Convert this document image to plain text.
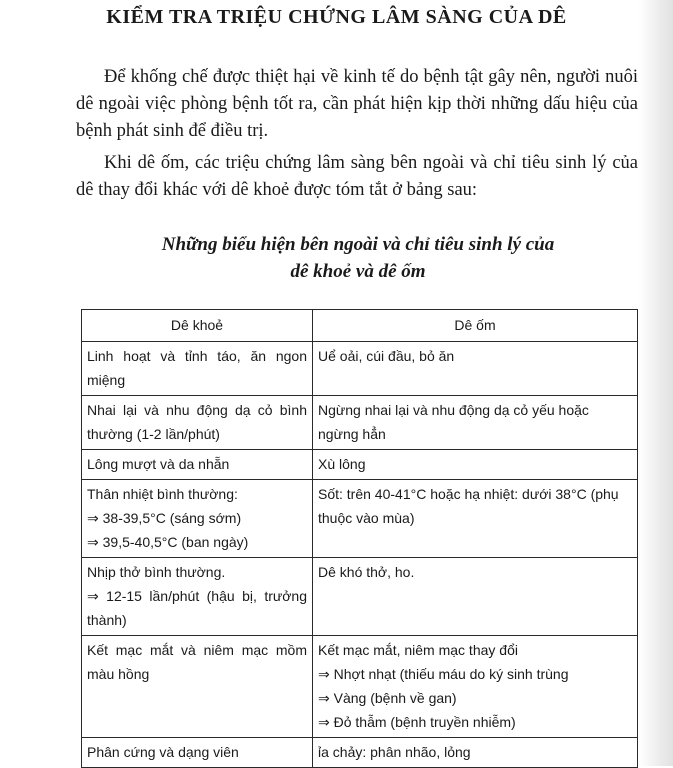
KIỂM TRA TRIỆU CHỨNG LÂM SÀNG CỦA DÊ

Để khống chế được thiệt hại về kinh tế do bệnh tật gây nên, người nuôi dê ngoài việc phòng bệnh tốt ra, cần phát hiện kịp thời những dấu hiệu của bệnh phát sinh để điều trị.

Khi dê ốm, các triệu chứng lâm sàng bên ngoài và chỉ tiêu sinh lý của dê thay đổi khác với dê khoẻ được tóm tắt ở bảng sau:

Những biểu hiện bên ngoài và chỉ tiêu sinh lý của

dê khoẻ và dê ốm

Dê khoẻ	Dê ốm

Linh hoạt và tỉnh táo, ăn ngon miệng	Uể oải, cúi đầu, bỏ ăn

Nhai lại và nhu động dạ cỏ bình thường (1-2 lần/phút)	Ngừng nhai lại và nhu động dạ cỏ yếu hoặc ngừng hẳn

Lông mượt và da nhẵn	Xù lông

Thân nhiệt bình thường:
⇒ 38-39,5°C (sáng sớm)
⇒ 39,5-40,5°C (ban ngày)	Sốt: trên 40-41°C hoặc hạ nhiệt: dưới 38°C (phụ thuộc vào mùa)

Nhịp thở bình thường.
⇒ 12-15 lần/phút (hậu bị, trưởng thành)	Dê khó thở, ho.

Kết mạc mắt và niêm mạc mồm màu hồng	Kết mạc mắt, niêm mạc thay đổi
⇒ Nhợt nhạt (thiếu máu do ký sinh trùng
⇒ Vàng (bệnh về gan)
⇒ Đỏ thẫm (bệnh truyền nhiễm)

Phân cứng và dạng viên	ỉa chảy: phân nhão, lỏng
